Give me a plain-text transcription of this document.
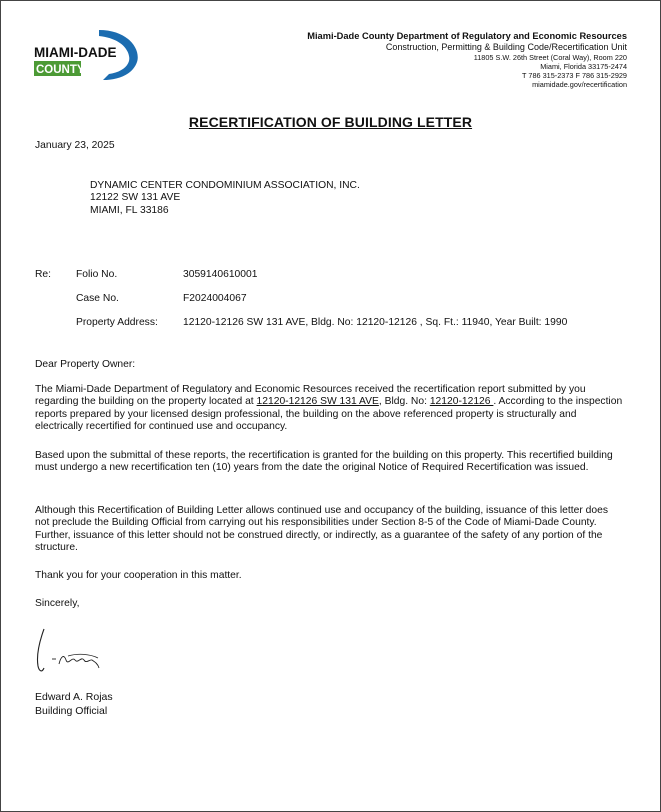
MIAMI-DADE
COUNTY
Miami-Dade County Department of Regulatory and Economic Resources
Construction, Permitting & Building Code/Recertification Unit
11805 S.W. 26th Street (Coral Way), Room 220
Miami, Florida 33175-2474
T 786 315-2373 F 786 315-2929
miamidade.gov/recertification
RECERTIFICATION OF BUILDING LETTER
January 23, 2025
DYNAMIC CENTER CONDOMINIUM ASSOCIATION, INC.
12122 SW 131 AVE
MIAMI, FL 33186
Re: Folio No.	3059140610001
Case No.	F2024004067
Property Address: 12120-12126 SW 131 AVE, Bldg. No: 12120-12126 , Sq. Ft.: 11940, Year Built: 1990
Dear Property Owner:
The Miami-Dade Department of Regulatory and Economic Resources received the recertification report submitted by you regarding the building on the property located at 12120-12126 SW 131 AVE, Bldg. No: 12120-12126 . According to the inspection reports prepared by your licensed design professional, the building on the above referenced property is structurally and electrically recertified for continued use and occupancy.
Based upon the submittal of these reports, the recertification is granted for the building on this property. This recertified building must undergo a new recertification ten (10) years from the date the original Notice of Required Recertification was issued.
Although this Recertification of Building Letter allows continued use and occupancy of the building, issuance of this letter does not preclude the Building Official from carrying out his responsibilities under Section 8-5 of the Code of Miami-Dade County. Further, issuance of this letter should not be construed directly, or indirectly, as a guarantee of the safety of any portion of the structure.
Thank you for your cooperation in this matter.
Sincerely,
Edward A. Rojas
Building Official
